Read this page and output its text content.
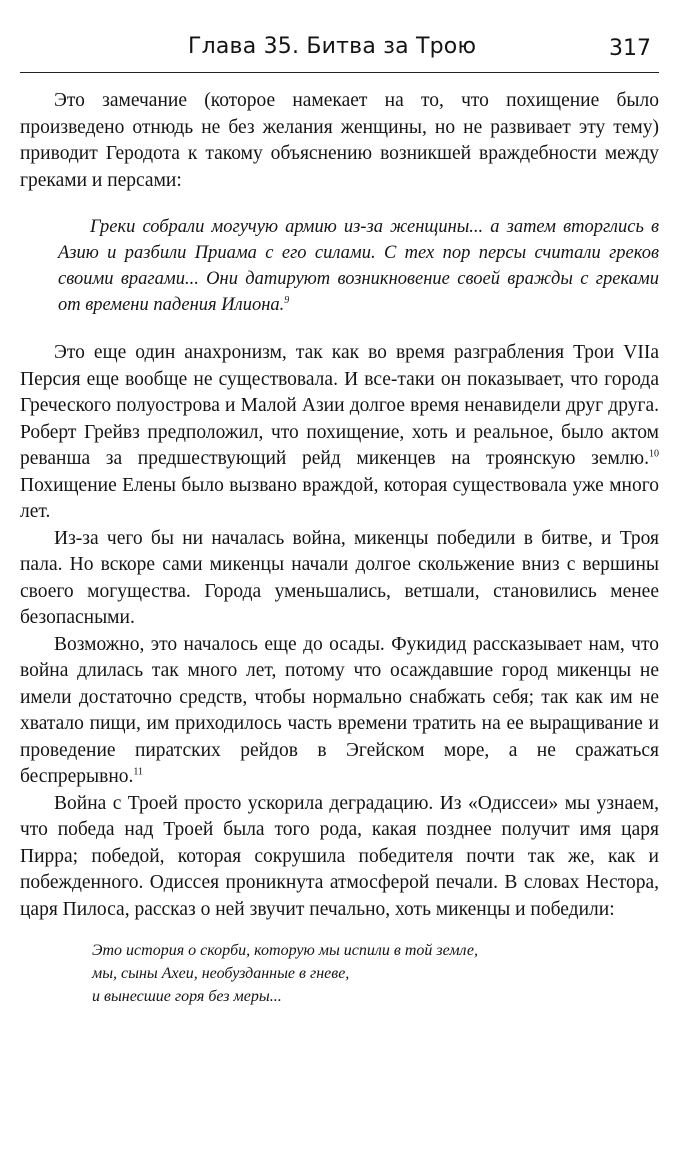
Глава 35. Битва за Трою	317

Это замечание (которое намекает на то, что похищение было произведено отнюдь не без желания женщины, но не развивает эту тему) приводит Геродота к такому объяснению возникшей враждебности между греками и персами:

Греки собрали могучую армию из-за женщины... а затем вторглись в Азию и разбили Приама с его силами. С тех пор персы считали греков своими врагами... Они датируют возникновение своей вражды с греками от времени падения Илиона.$^9$

Это еще один анахронизм, так как во время разграбления Трои VIIa Персия еще вообще не существовала. И все-таки он показывает, что города Греческого полуострова и Малой Азии долгое время ненавидели друг друга. Роберт Грейвз предположил, что похищение, хоть и реальное, было актом реванша за предшествующий рейд микенцев на троянскую землю.$^{10}$ Похищение Елены было вызвано враждой, которая существовала уже много лет.

Из-за чего бы ни началась война, микенцы победили в битве, и Троя пала. Но вскоре сами микенцы начали долгое скольжение вниз с вершины своего могущества. Города уменьшались, ветшали, становились менее безопасными.

Возможно, это началось еще до осады. Фукидид рассказывает нам, что война длилась так много лет, потому что осаждавшие город микенцы не имели достаточно средств, чтобы нормально снабжать себя; так как им не хватало пищи, им приходилось часть времени тратить на ее выращивание и проведение пиратских рейдов в Эгейском море, а не сражаться беспрерывно.$^{11}$

Война с Троей просто ускорила деградацию. Из «Одиссеи» мы узнаем, что победа над Троей была того рода, какая позднее получит имя царя Пирра; победой, которая сокрушила победителя почти так же, как и побежденного. Одиссея проникнута атмосферой печали. В словах Нестора, царя Пилоса, рассказ о ней звучит печально, хоть микенцы и победили:

Это история о скорби, которую мы испили в той земле,
мы, сыны Ахеи, необузданные в гневе,
и вынесшие горя без меры...
